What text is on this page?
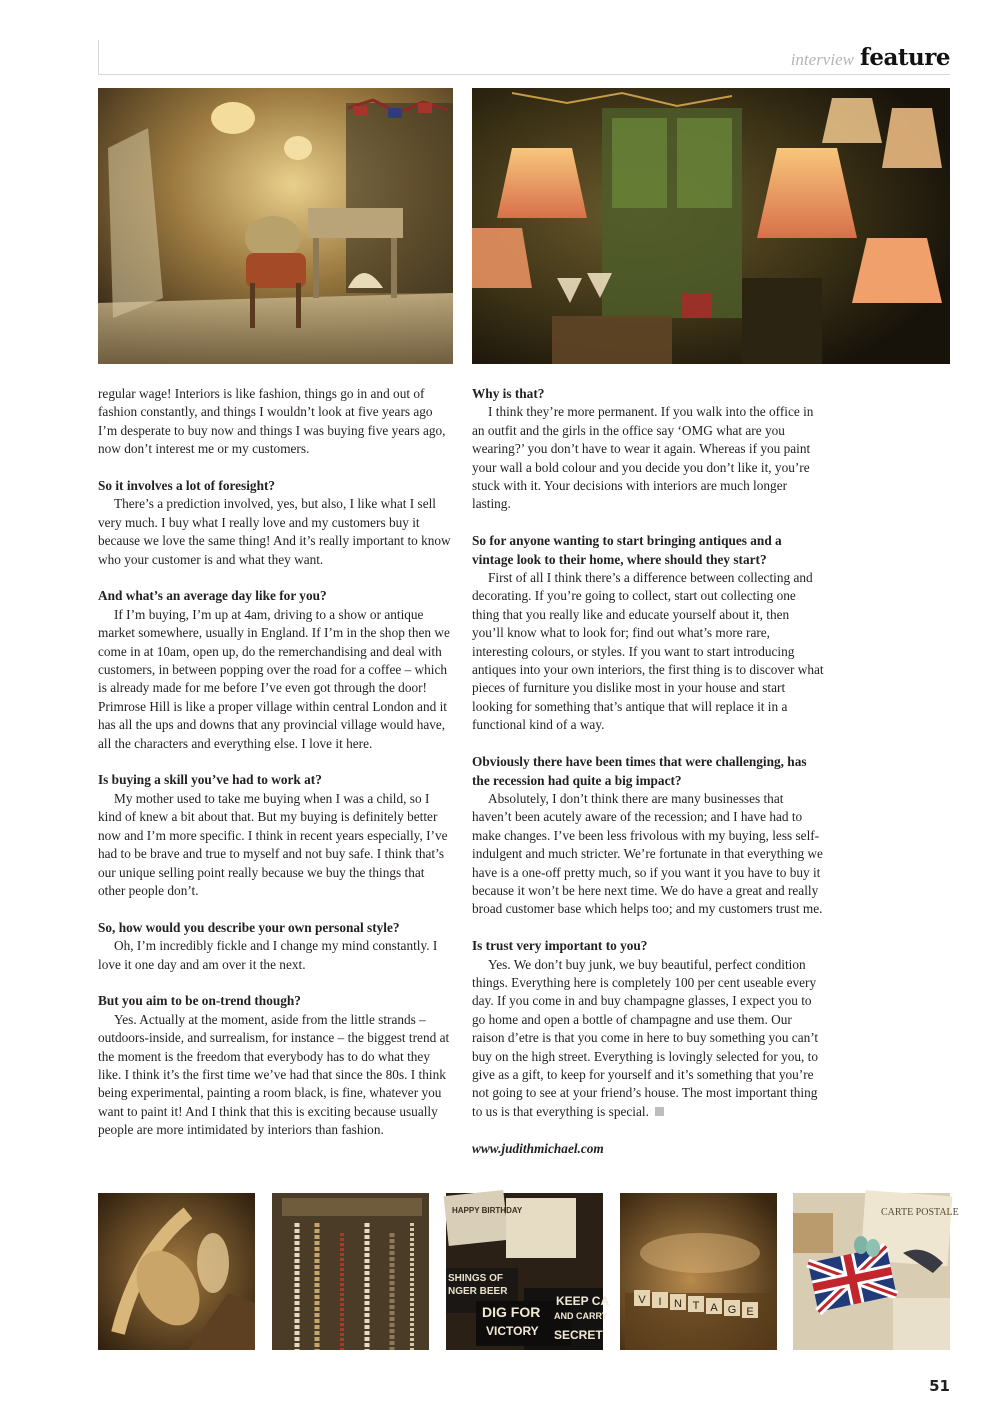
interview feature

regular wage! Interiors is like fashion, things go in and out of fashion constantly, and things I wouldn’t look at five years ago I’m desperate to buy now and things I was buying five years ago, now don’t interest me or my customers.

So it involves a lot of foresight?

There’s a prediction involved, yes, but also, I like what I sell very much. I buy what I really love and my customers buy it because we love the same thing! And it’s really important to know who your customer is and what they want.

And what’s an average day like for you?

If I’m buying, I’m up at 4am, driving to a show or antique market somewhere, usually in England. If I’m in the shop then we come in at 10am, open up, do the remerchandising and deal with customers, in between popping over the road for a coffee – which is already made for me before I’ve even got through the door! Primrose Hill is like a proper village within central London and it has all the ups and downs that any provincial village would have, all the characters and everything else. I love it here.

Is buying a skill you’ve had to work at?

My mother used to take me buying when I was a child, so I kind of knew a bit about that. But my buying is definitely better now and I’m more specific. I think in recent years especially, I’ve had to be brave and true to myself and not buy safe. I think that’s our unique selling point really because we buy the things that other people don’t.

So, how would you describe your own personal style?

Oh, I’m incredibly fickle and I change my mind constantly. I love it one day and am over it the next.

But you aim to be on-trend though?

Yes. Actually at the moment, aside from the little strands – outdoors-inside, and surrealism, for instance – the biggest trend at the moment is the freedom that everybody has to do what they like. I think it’s the first time we’ve had that since the 80s. I think being experimental, painting a room black, is fine, whatever you want to paint it! And I think that this is exciting because usually people are more intimidated by interiors than fashion.

Why is that?

I think they’re more permanent. If you walk into the office in an outfit and the girls in the office say ‘OMG what are you wearing?’ you don’t have to wear it again. Whereas if you paint your wall a bold colour and you decide you don’t like it, you’re stuck with it. Your decisions with interiors are much longer lasting.

So for anyone wanting to start bringing antiques and a vintage look to their home, where should they start?

First of all I think there’s a difference between collecting and decorating. If you’re going to collect, start out collecting one thing that you really like and educate yourself about it, then you’ll know what to look for; find out what’s more rare, interesting colours, or styles. If you want to start introducing antiques into your own interiors, the first thing is to discover what pieces of furniture you dislike most in your house and start looking for something that’s antique that will replace it in a functional kind of a way.

Obviously there have been times that were challenging, has the recession had quite a big impact?

Absolutely, I don’t think there are many businesses that haven’t been acutely aware of the recession; and I have had to make changes. I’ve been less frivolous with my buying, less self-indulgent and much stricter. We’re fortunate in that everything we have is a one-off pretty much, so if you want it you have to buy it because it won’t be here next time. We do have a great and really broad customer base which helps too; and my customers trust me.

Is trust very important to you?

Yes. We don’t buy junk, we buy beautiful, perfect condition things. Everything here is completely 100 per cent useable every day. If you come in and buy champagne glasses, I expect you to go home and open a bottle of champagne and use them. Our raison d’etre is that you come in here to buy something you can’t buy on the high street. Everything is lovingly selected for you, to give as a gift, to keep for yourself and it’s something that you’re not going to see at your friend’s house. The most important thing to us is that everything is special.

www.judithmichael.com

HAPPY BIRTHDAY
SHINGS OF
NGER BEER
DIG FOR
VICTORY
KEEP CA
AND CARRY
SECRET
V I N T A G E
CARTE POSTALE
51
